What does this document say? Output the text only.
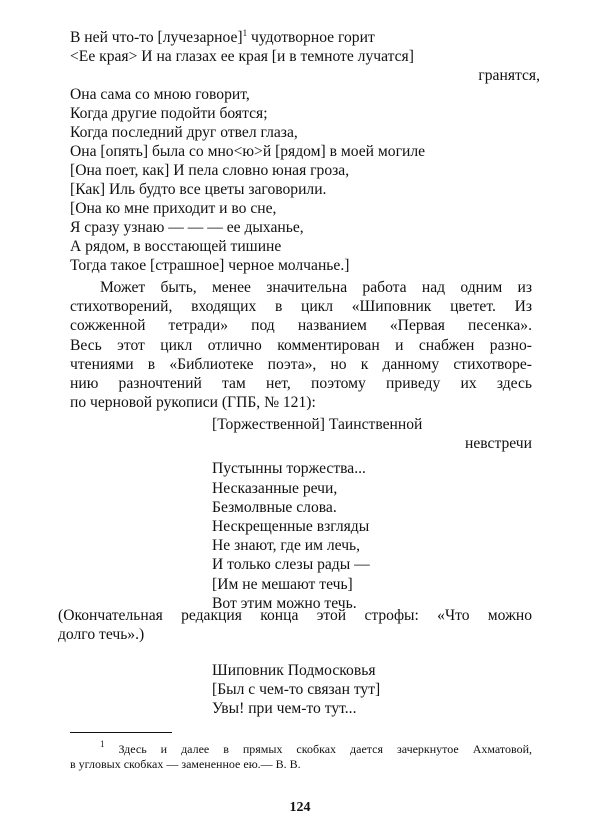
В ней что-то [лучезарное]$^1$ чудотворное горит
<Ее края> И на глазах ее края [и в темноте лучатся]
гранятся,
Она сама со мною говорит,
Когда другие подойти боятся;
Когда последний друг отвел глаза,
Она [опять] была со мно<ю>й [рядом] в моей могиле
[Она поет, как] И пела словно юная гроза,
[Как] Иль будто все цветы заговорили.
[Она ко мне приходит и во сне,
Я сразу узнаю — — — ее дыханье,
А рядом, в восстающей тишине
Тогда такое [страшное] черное молчанье.]
Может быть, менее значительна работа над одним из
стихотворений, входящих в цикл «Шиповник цветет. Из
сожженной тетради» под названием «Первая песенка».
Весь этот цикл отлично комментирован и снабжен разно-
чтениями в «Библиотеке поэта», но к данному стихотворе-
нию разночтений там нет, поэтому приведу их здесь
по черновой рукописи (ГПБ, № 121):
[Торжественной] Таинственной
невстречи
Пустынны торжества...
Несказанные речи,
Безмолвные слова.
Нескрещенные взгляды
Не знают, где им лечь,
И только слезы рады —
[Им не мешают течь]
Вот этим можно течь.
(Окончательная редакция конца этой строфы: «Что можно
долго течь».)
Шиповник Подмосковья
[Был с чем-то связан тут]
Увы! при чем-то тут...
$^1$ Здесь и далее в прямых скобках дается зачеркнутое Ахматовой,
в угловых скобках — замененное ею.— В. В.
124
